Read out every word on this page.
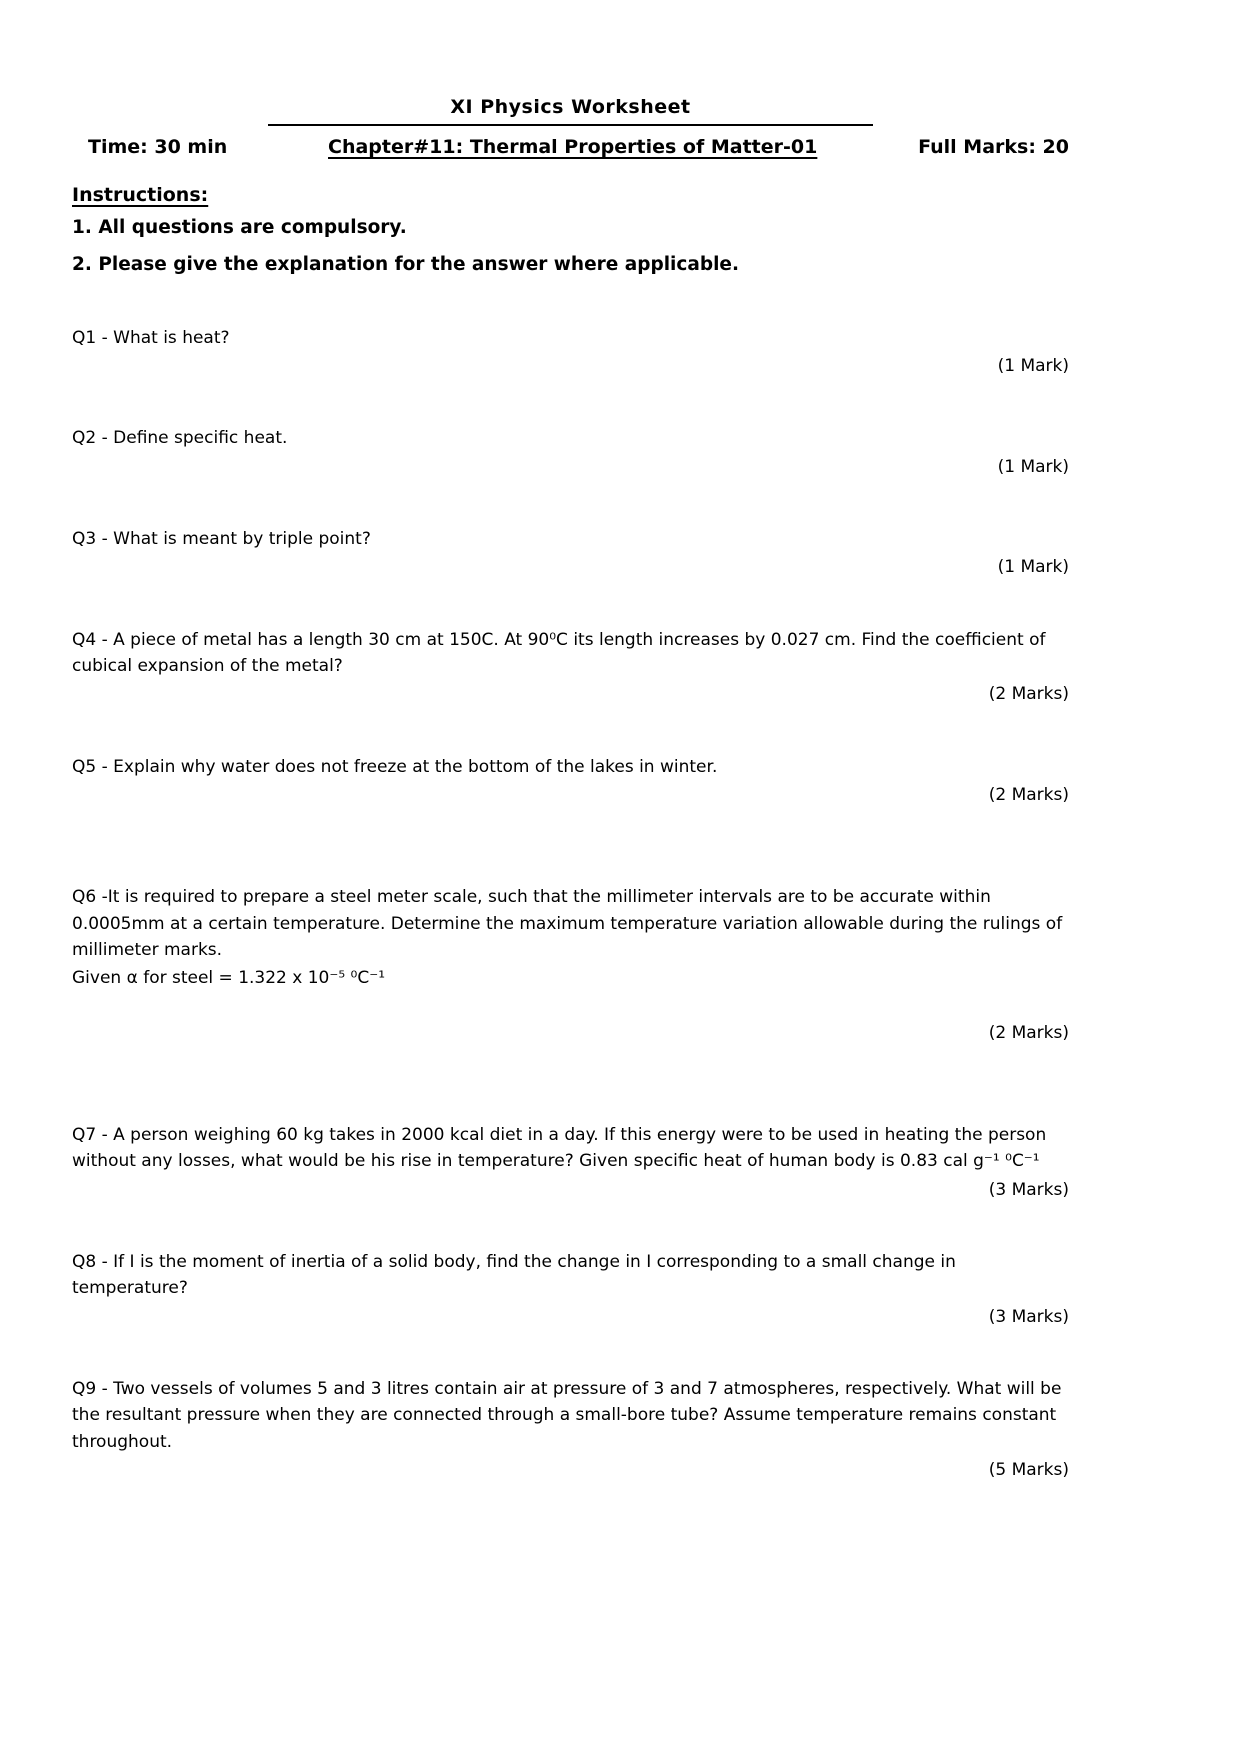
XI Physics Worksheet
Time: 30 min	Chapter#11: Thermal Properties of Matter-01	Full Marks: 20

Instructions:

1. All questions are compulsory.

2. Please give the explanation for the answer where applicable.

Q1 - What is heat?

(1 Mark)

Q2 - Define specific heat.

(1 Mark)

Q3 - What is meant by triple point?

(1 Mark)

Q4 - A piece of metal has a length 30 cm at 150C. At 90⁰C its length increases by 0.027 cm. Find the coefficient of cubical expansion of the metal?

(2 Marks)

Q5 - Explain why water does not freeze at the bottom of the lakes in winter.

(2 Marks)

Q6 -It is required to prepare a steel meter scale, such that the millimeter intervals are to be accurate within 0.0005mm at a certain temperature. Determine the maximum temperature variation allowable during the rulings of millimeter marks.

Given α for steel = 1.322 x 10⁻⁵ ⁰C⁻¹

(2 Marks)

Q7 - A person weighing 60 kg takes in 2000 kcal diet in a day. If this energy were to be used in heating the person without any losses, what would be his rise in temperature? Given specific heat of human body is 0.83 cal g⁻¹ ⁰C⁻¹

(3 Marks)

Q8 - If I is the moment of inertia of a solid body, find the change in I corresponding to a small change in temperature?

(3 Marks)

Q9 - Two vessels of volumes 5 and 3 litres contain air at pressure of 3 and 7 atmospheres, respectively. What will be the resultant pressure when they are connected through a small-bore tube? Assume temperature remains constant throughout.

(5 Marks)
